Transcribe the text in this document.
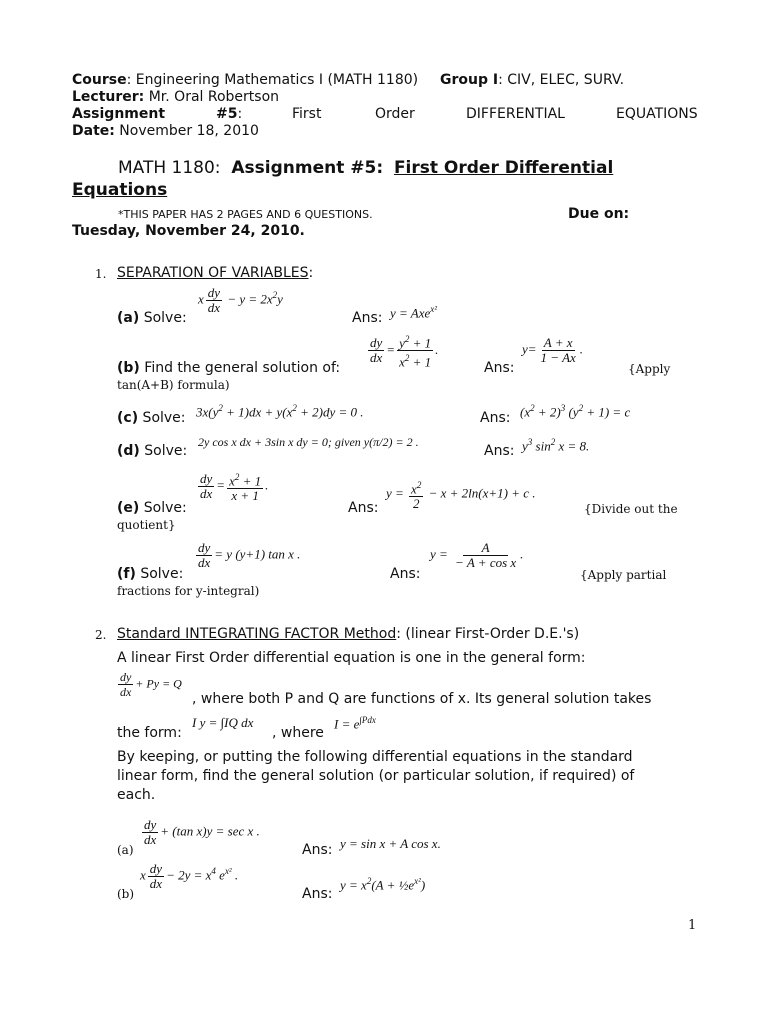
Course: Engineering Mathematics I (MATH 1180) Group I: CIV, ELEC, SURV.
Lecturer: Mr. Oral Robertson
Assignment	#5:	First	Order	DIFFERENTIAL	EQUATIONS
Date: November 18, 2010
MATH 1180: Assignment #5: First Order Differential
Equations
*THIS PAPER HAS 2 PAGES AND 6 QUESTIONS.	Due on:
Tuesday, November 24, 2010.
1. SEPARATION OF VARIABLES:
(a) Solve:
x $\frac{dy}{dx} - y = 2x^2y$
Ans: y = Axe$^{x^2}$
(b) Find the general solution of:
$\frac{dy}{dx} = \frac{y^2 + 1}{x^2 + 1}$ .
Ans:
$y= \frac{A + x}{1 - Ax}$ .
{Apply
tan(A+B) formula)
(c) Solve: $3x(y^2 + 1)dx + y(x^2 + 2)dy = 0$ .	Ans: $(x^2 + 2)^3$ $(y^2 + 1) = c$
(d) Solve:
2y cos x dx + 3sin x dy = 0; given y(π/2) = 2 .
Ans: $y^3$ $\sin^2 x = 8$.
(e) Solve:
$\frac{dy}{dx} = \frac{x^2 + 1}{x + 1}$ .
Ans:
$y = \frac{x^2}{2} - x + 2\ln(x+1) + c$ .
{Divide out the
quotient}
(f) Solve:
$\frac{dy}{dx} = y$ (y+1) tan x .
Ans:
$y = \frac{A}{\text{− A + cos x}}$ .
{Apply partial
fractions for y-integral)
2. Standard INTEGRATING FACTOR Method: (linear First-Order D.E.'s)
A linear First Order differential equation is one in the general form:
$\frac{dy}{dx} + Py = Q$
, where both P and Q are functions of x. Its general solution takes
the form:
I y = ∫IQ dx
, where
$I = e^{\int Pdx}$
By keeping, or putting the following differential equations in the standard
linear form, find the general solution (or particular solution, if required) of
each.
(a)
$\frac{dy}{dx} + (\tan$ x)y = sec x .
Ans: y = sin x + A cos x.
(b)
x $\frac{dy}{dx} - 2y = x^4$ $e^{x^2}$ .
Ans:
$y = x^2(A$ + $\frac{1}{2}e^{x^2}$)
1
